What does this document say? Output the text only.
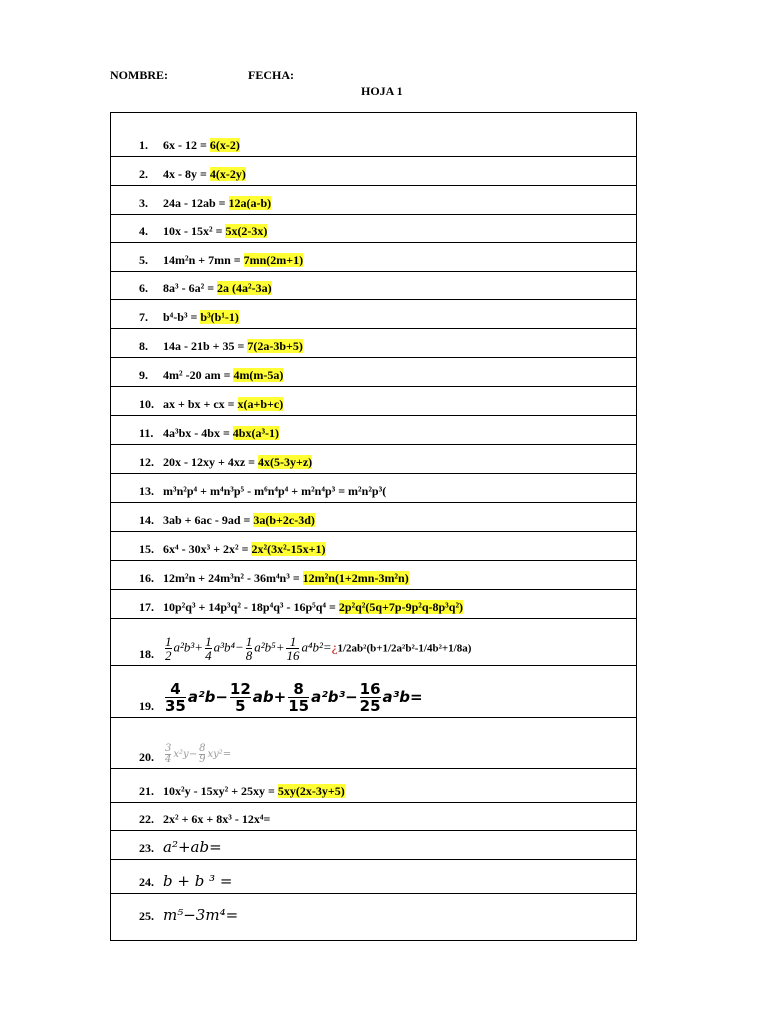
NOMBRE:	FECHA:
HOJA 1
1. 6x - 12 = 6(x-2)
2. 4x - 8y = 4(x-2y)
3. 24a - 12ab = 12a(a-b)
4. 10x - 15x² = 5x(2-3x)
5. 14m²n + 7mn = 7mn(2m+1)
6. 8a³ - 6a² = 2a (4a²-3a)
7. b⁴-b³ = b³(b¹-1)
8. 14a - 21b + 35 = 7(2a-3b+5)
9. 4m² -20 am = 4m(m-5a)
10. ax + bx + cx = x(a+b+c)
11. 4a³bx - 4bx = 4bx(a³-1)
12. 20x - 12xy + 4xz = 4x(5-3y+z)
13. m³n²p⁴ + m⁴n³p⁵ - m⁶n⁴p⁴ + m²n⁴p³ = m²n²p³(
14. 3ab + 6ac - 9ad = 3a(b+2c-3d)
15. 6x⁴ - 30x³ + 2x² = 2x²(3x²-15x+1)
16. 12m²n + 24m³n² - 36m⁴n³ = 12m²n(1+2mn-3m²n)
17. 10p²q³ + 14p³q² - 18p⁴q³ - 16p⁵q⁴ = 2p²q²(5q+7p-9p²q-8p³q²)
18. $\frac{1}{2} a^2b^3+ \frac{1}{4} a^3b^4- \frac{1}{8} a^2b^5+ \frac{1}{16}$ a⁴b²=¿1/2ab²(b+1/2a²b²-1/4b²+1/8a)
19. $\frac{4}{35} a^2b- \frac{12}{5} ab+ \frac{8}{15} a^2b^3- \frac{16}{25} a^3b=$
20. $\frac{3}{4} x^2y- \frac{8}{9} xy^2=$
21. 10x²y - 15xy² + 25xy = 5xy(2x-3y+5)
22. 2x² + 6x + 8x³ - 12x⁴=
23. a²+ab=
24. b + b ³ =
25. m⁵−3m⁴=
